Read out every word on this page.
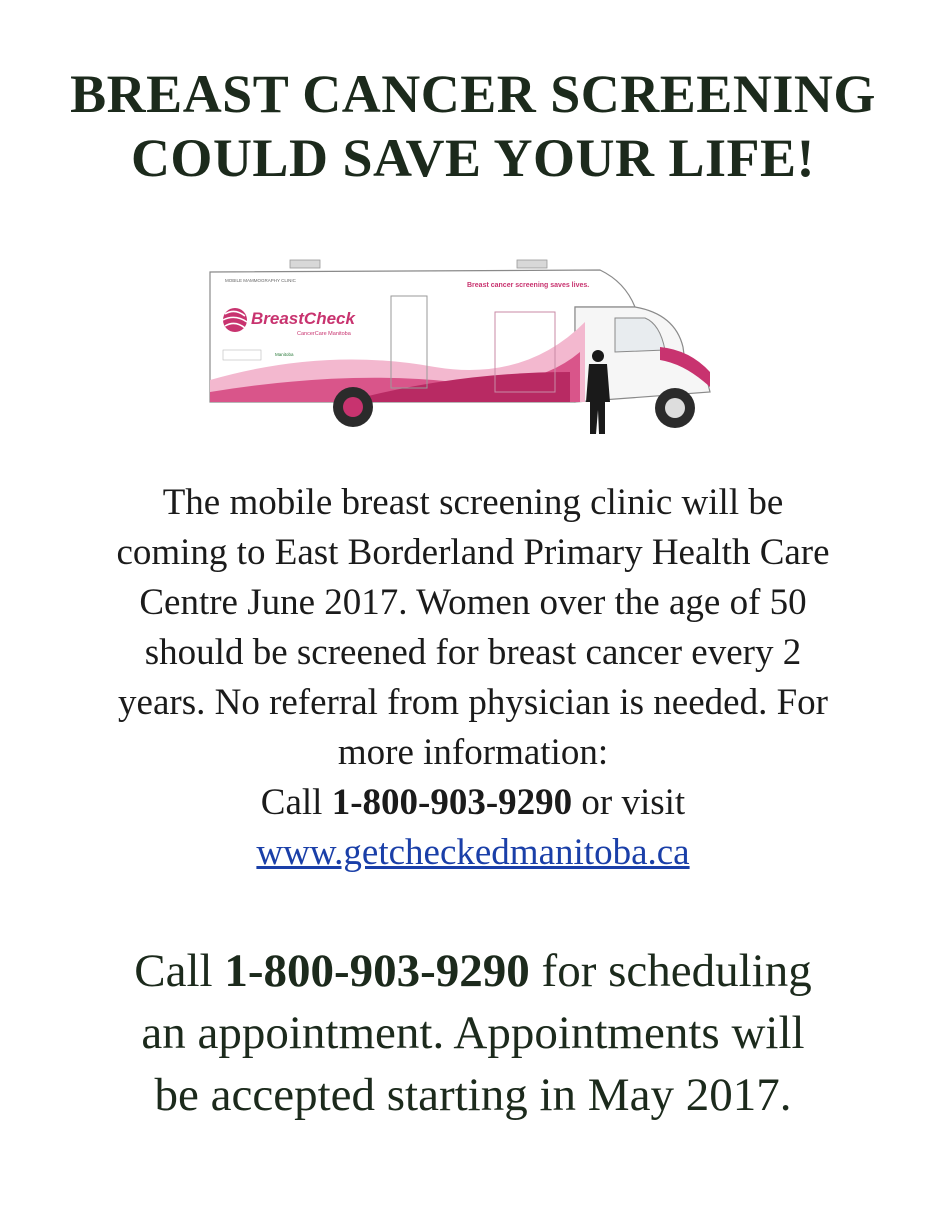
BREAST CANCER SCREENING
COULD SAVE YOUR LIFE!
MOBILE MAMMOGRAPHY CLINIC
Breast cancer screening saves lives.
BreastCheck
CancerCare Manitoba
Manitoba

The mobile breast screening clinic will be

coming to East Borderland Primary Health Care

Centre June 2017. Women over the age of 50

should be screened for breast cancer every 2

years. No referral from physician is needed. For

more information:

Call 1-800-903-9290 or visit

www.getcheckedmanitoba.ca

Call 1-800-903-9290 for scheduling

an appointment. Appointments will

be accepted starting in May 2017.
